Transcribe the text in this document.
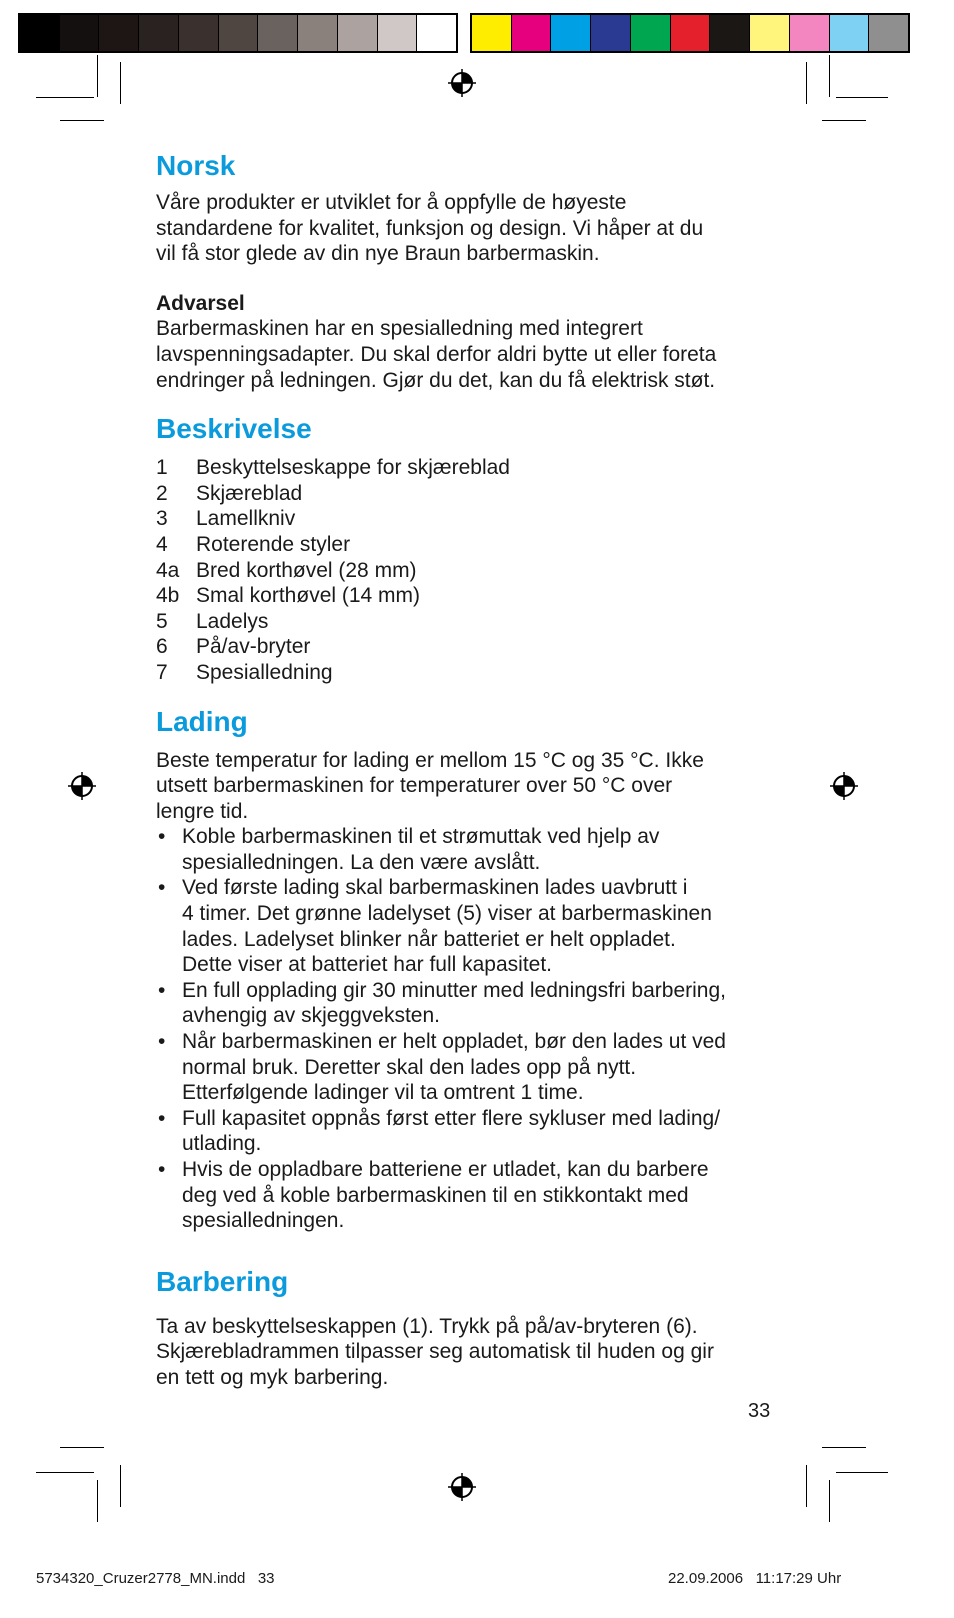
Norsk

Våre produkter er utviklet for å oppfylle de høyeste

standardene for kvalitet, funksjon og design. Vi håper at du

vil få stor glede av din nye Braun barbermaskin.

Advarsel

Barbermaskinen har en spesialledning med integrert

lavspenningsadapter. Du skal derfor aldri bytte ut eller foreta

endringer på ledningen. Gjør du det, kan du få elektrisk støt.

Beskrivelse
1	Beskyttelseskappe for skjæreblad
2	Skjæreblad
3	Lamellkniv
4	Roterende styler
4a Bred korthøvel (28 mm)
4b Smal korthøvel (14 mm)
5	Ladelys
6	På/av-bryter
7	Spesialledning
Lading

Beste temperatur for lading er mellom 15 °C og 35 °C. Ikke

utsett barbermaskinen for temperaturer over 50 °C over

lengre tid.

• Koble barbermaskinen til et strømuttak ved hjelp av
spesialledningen. La den være avslått.
• Ved første lading skal barbermaskinen lades uavbrutt i
4 timer. Det grønne ladelyset (5) viser at barbermaskinen
lades. Ladelyset blinker når batteriet er helt oppladet.
Dette viser at batteriet har full kapasitet.
• En full opplading gir 30 minutter med ledningsfri barbering,
avhengig av skjeggveksten.
• Når barbermaskinen er helt oppladet, bør den lades ut ved
normal bruk. Deretter skal den lades opp på nytt.
Etterfølgende ladinger vil ta omtrent 1 time.
• Full kapasitet oppnås først etter flere sykluser med lading/
utlading.
• Hvis de oppladbare batteriene er utladet, kan du barbere
deg ved å koble barbermaskinen til en stikkontakt med
spesialledningen.
Barbering

Ta av beskyttelseskappen (1). Trykk på på/av-bryteren (6).

Skjærebladrammen tilpasser seg automatisk til huden og gir

en tett og myk barbering.

33
5734320_Cruzer2778_MN.indd   33	22.09.2006   11:17:29 Uhr
